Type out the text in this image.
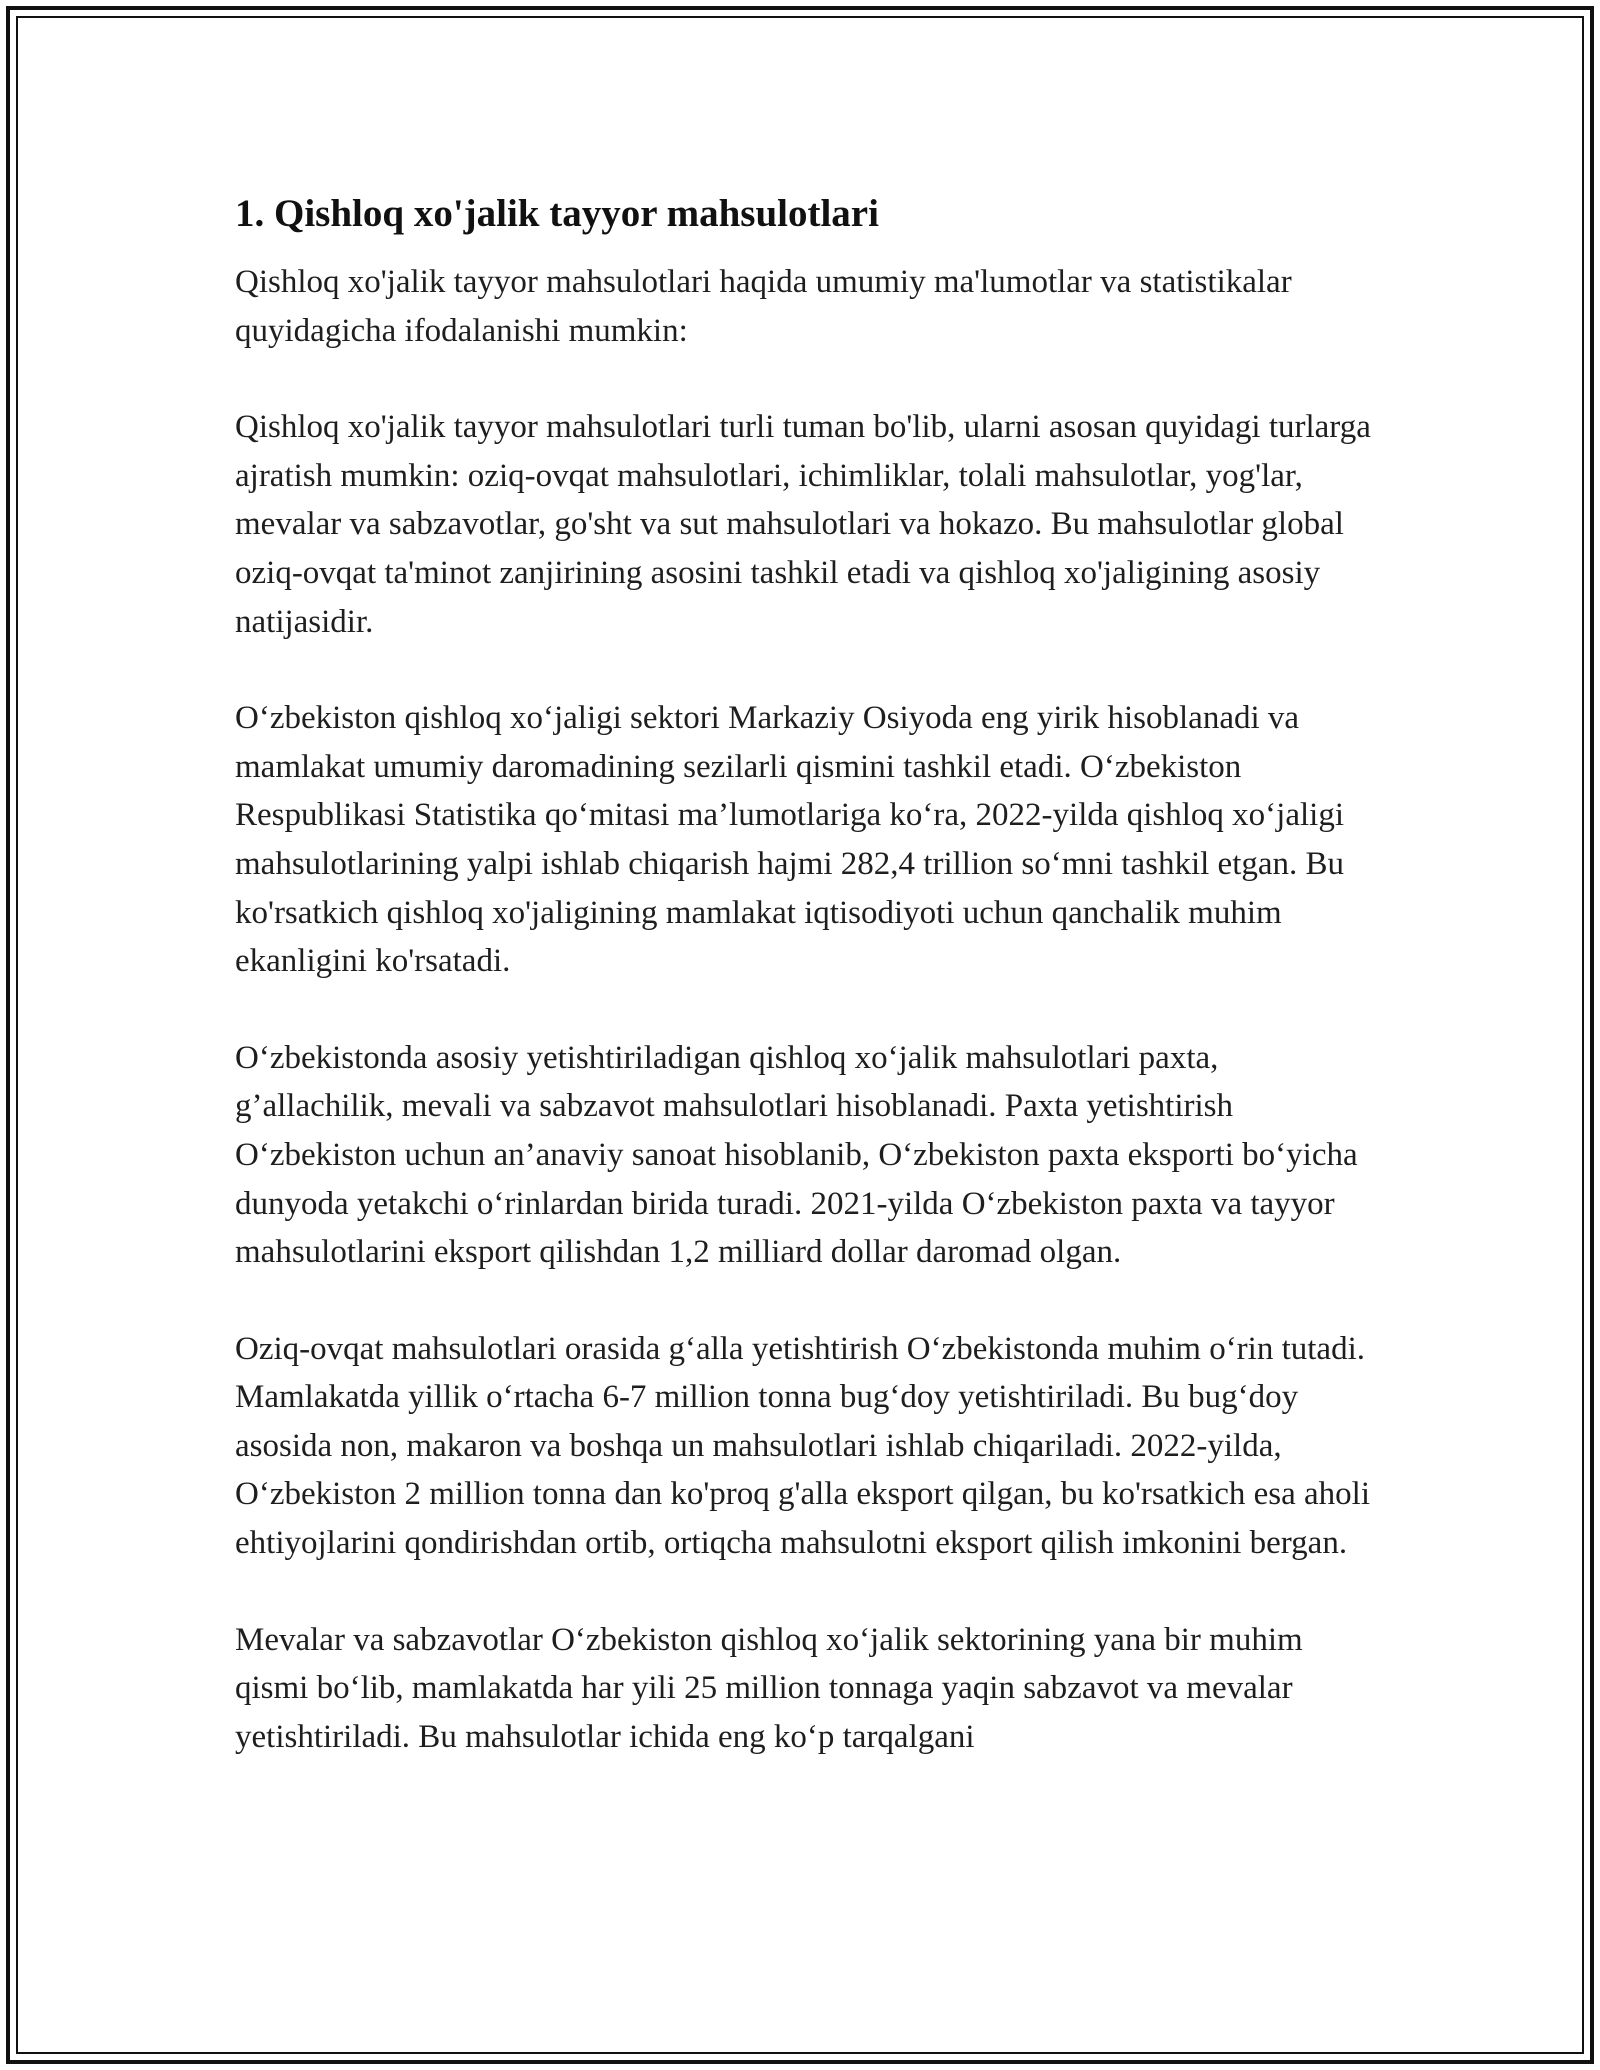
1. Qishloq xo'jalik tayyor mahsulotlari

Qishloq xo'jalik tayyor mahsulotlari haqida umumiy ma'lumotlar va statistikalar quyidagicha ifodalanishi mumkin:

Qishloq xo'jalik tayyor mahsulotlari turli tuman bo'lib, ularni asosan quyidagi turlarga ajratish mumkin: oziq-ovqat mahsulotlari, ichimliklar, tolali mahsulotlar, yog'lar, mevalar va sabzavotlar, go'sht va sut mahsulotlari va hokazo. Bu mahsulotlar global oziq-ovqat ta'minot zanjirining asosini tashkil etadi va qishloq xo'jaligining asosiy natijasidir.

O‘zbekiston qishloq xo‘jaligi sektori Markaziy Osiyoda eng yirik hisoblanadi va mamlakat umumiy daromadining sezilarli qismini tashkil etadi. O‘zbekiston Respublikasi Statistika qo‘mitasi ma’lumotlariga ko‘ra, 2022-yilda qishloq xo‘jaligi mahsulotlarining yalpi ishlab chiqarish hajmi 282,4 trillion so‘mni tashkil etgan. Bu ko'rsatkich qishloq xo'jaligining mamlakat iqtisodiyoti uchun qanchalik muhim ekanligini ko'rsatadi.

O‘zbekistonda asosiy yetishtiriladigan qishloq xo‘jalik mahsulotlari paxta, g’allachilik, mevali va sabzavot mahsulotlari hisoblanadi. Paxta yetishtirish O‘zbekiston uchun an’anaviy sanoat hisoblanib, O‘zbekiston paxta eksporti bo‘yicha dunyoda yetakchi o‘rinlardan birida turadi. 2021-yilda O‘zbekiston paxta va tayyor mahsulotlarini eksport qilishdan 1,2 milliard dollar daromad olgan.

Oziq-ovqat mahsulotlari orasida g‘alla yetishtirish O‘zbekistonda muhim o‘rin tutadi. Mamlakatda yillik o‘rtacha 6-7 million tonna bug‘doy yetishtiriladi. Bu bug‘doy asosida non, makaron va boshqa un mahsulotlari ishlab chiqariladi. 2022-yilda, O‘zbekiston 2 million tonna dan ko'proq g'alla eksport qilgan, bu ko'rsatkich esa aholi ehtiyojlarini qondirishdan ortib, ortiqcha mahsulotni eksport qilish imkonini bergan.

Mevalar va sabzavotlar O‘zbekiston qishloq xo‘jalik sektorining yana bir muhim qismi bo‘lib, mamlakatda har yili 25 million tonnaga yaqin sabzavot va mevalar yetishtiriladi. Bu mahsulotlar ichida eng ko‘p tarqalgani
